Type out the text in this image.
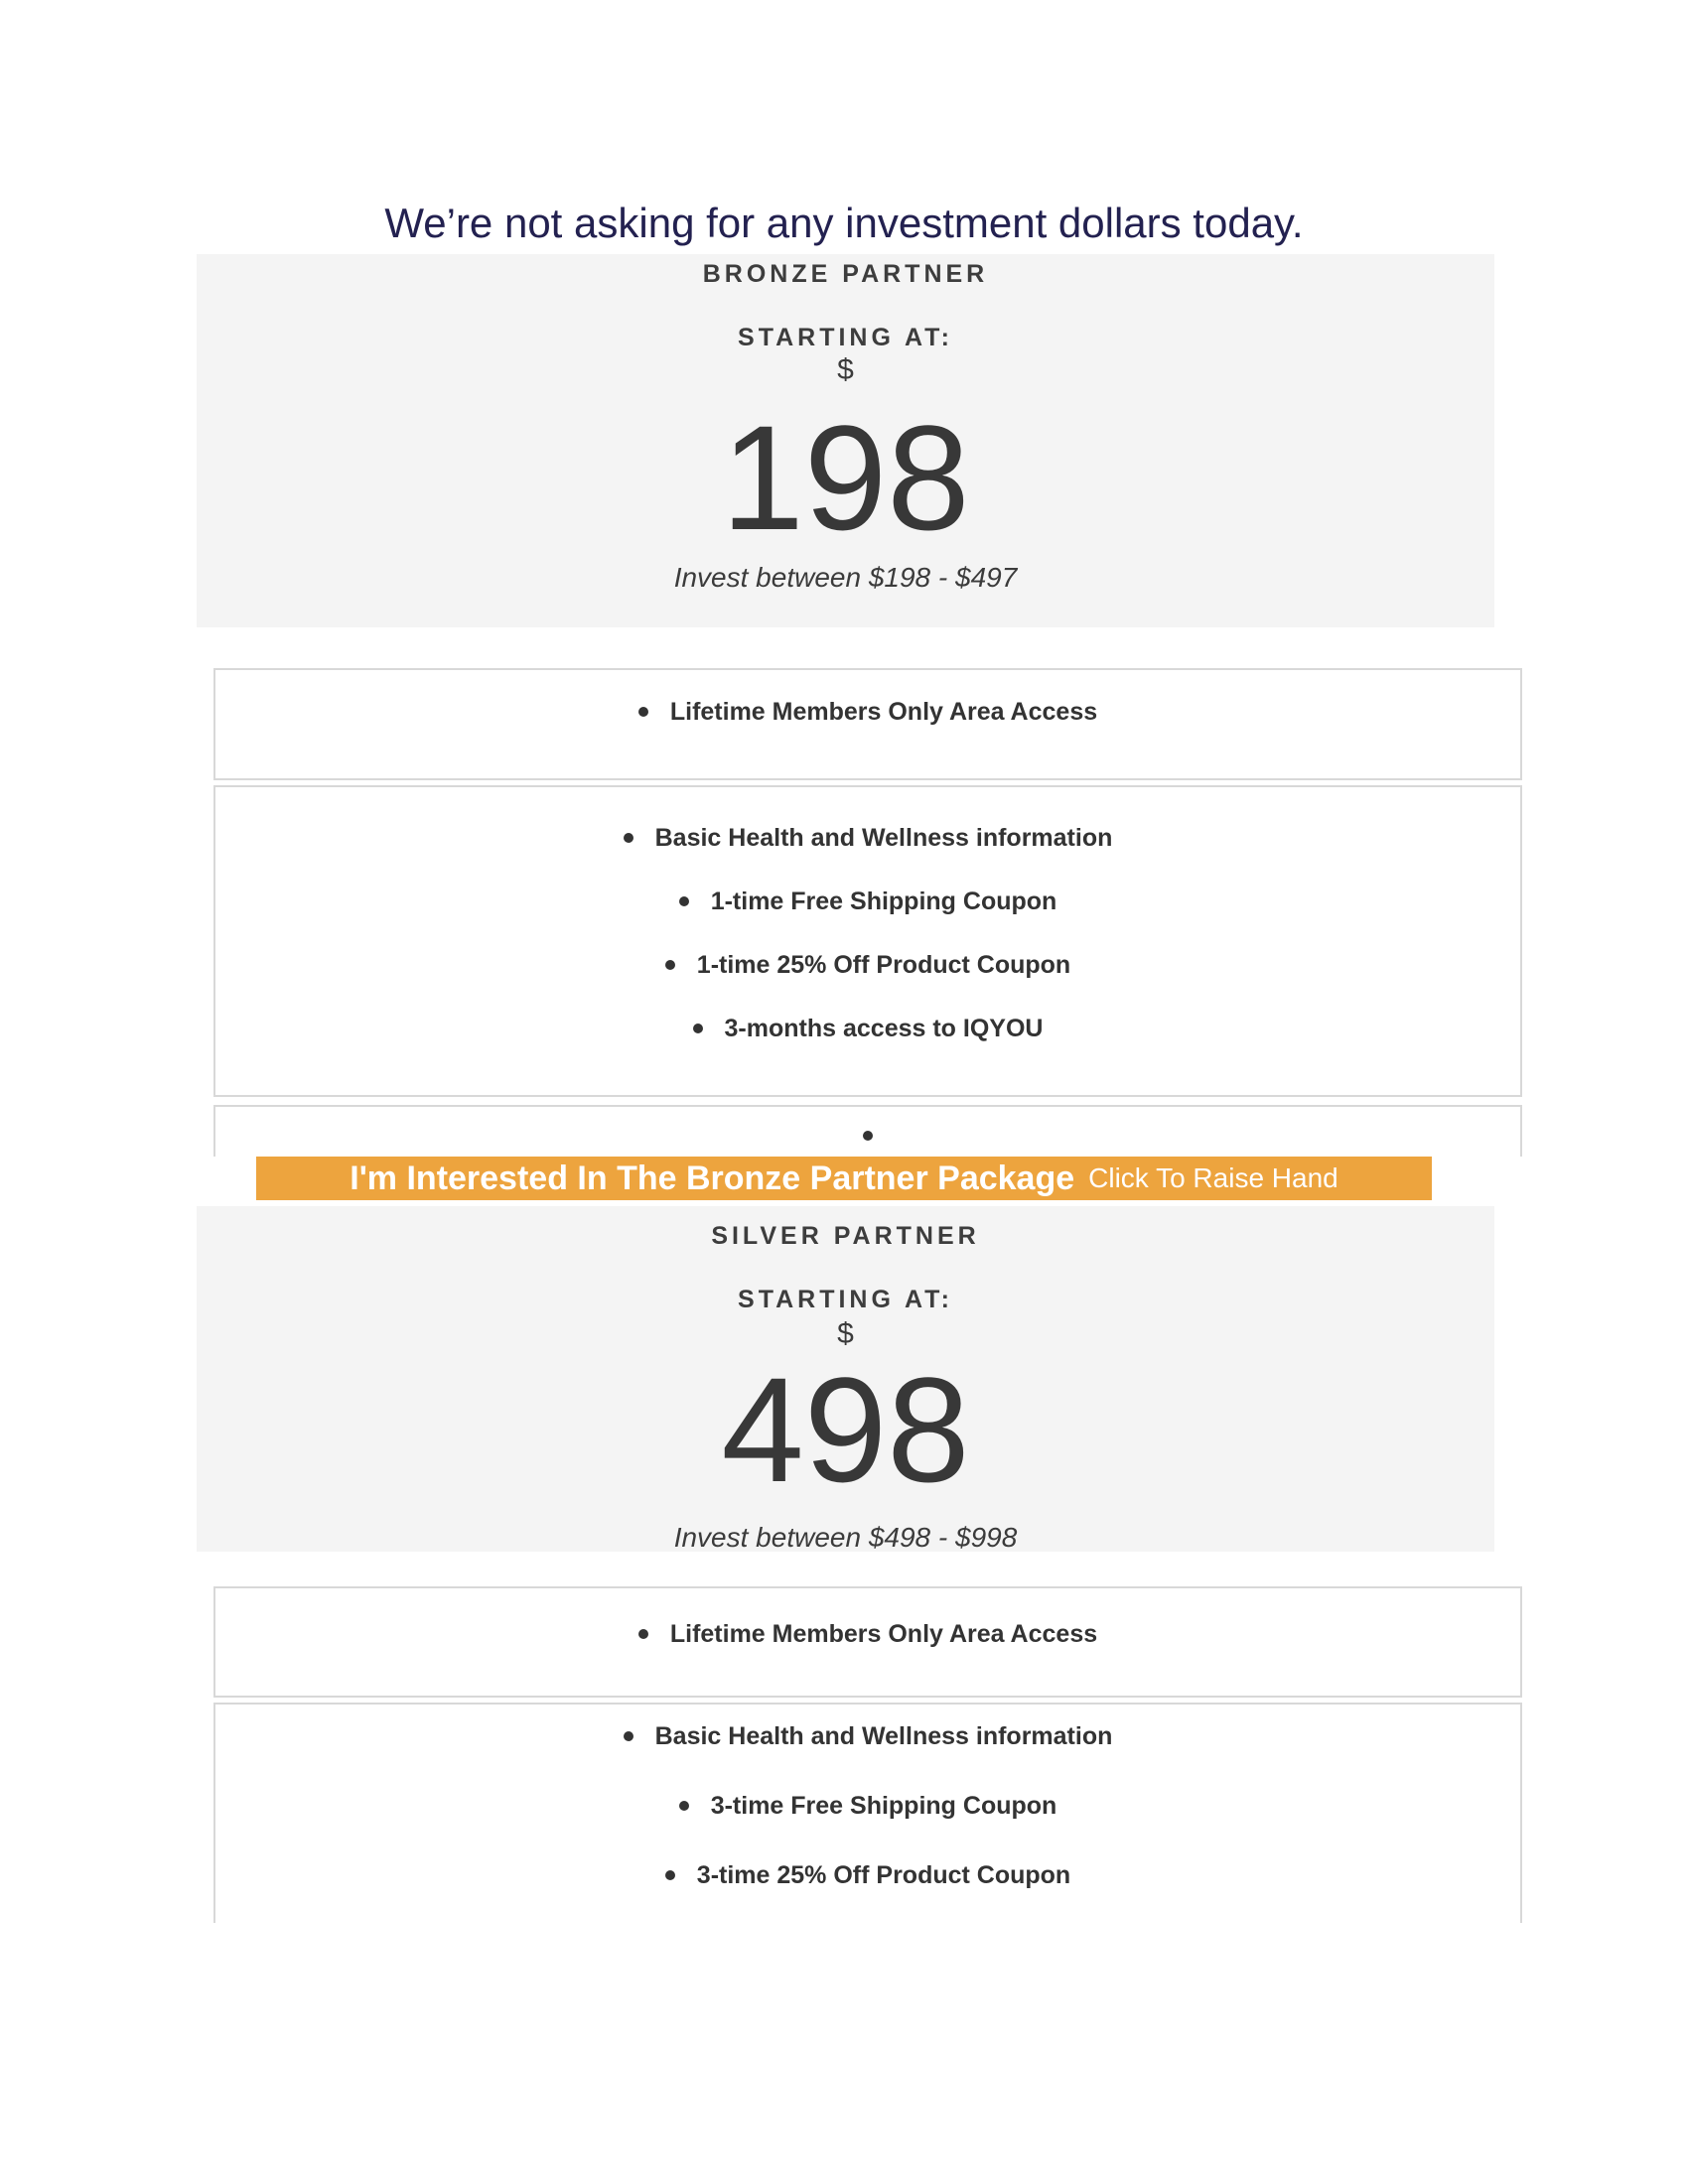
We’re not asking for any investment dollars today.
BRONZE PARTNER
STARTING AT:
$
198
Invest between $198 - $497
Lifetime Members Only Area Access
Basic Health and Wellness information
1-time Free Shipping Coupon
1-time 25% Off Product Coupon
3-months access to IQYOU
I'm Interested In The Bronze Partner Package Click To Raise Hand
SILVER PARTNER
STARTING AT:
$
498
Invest between $498 - $998
Lifetime Members Only Area Access
Basic Health and Wellness information
3-time Free Shipping Coupon
3-time 25% Off Product Coupon
